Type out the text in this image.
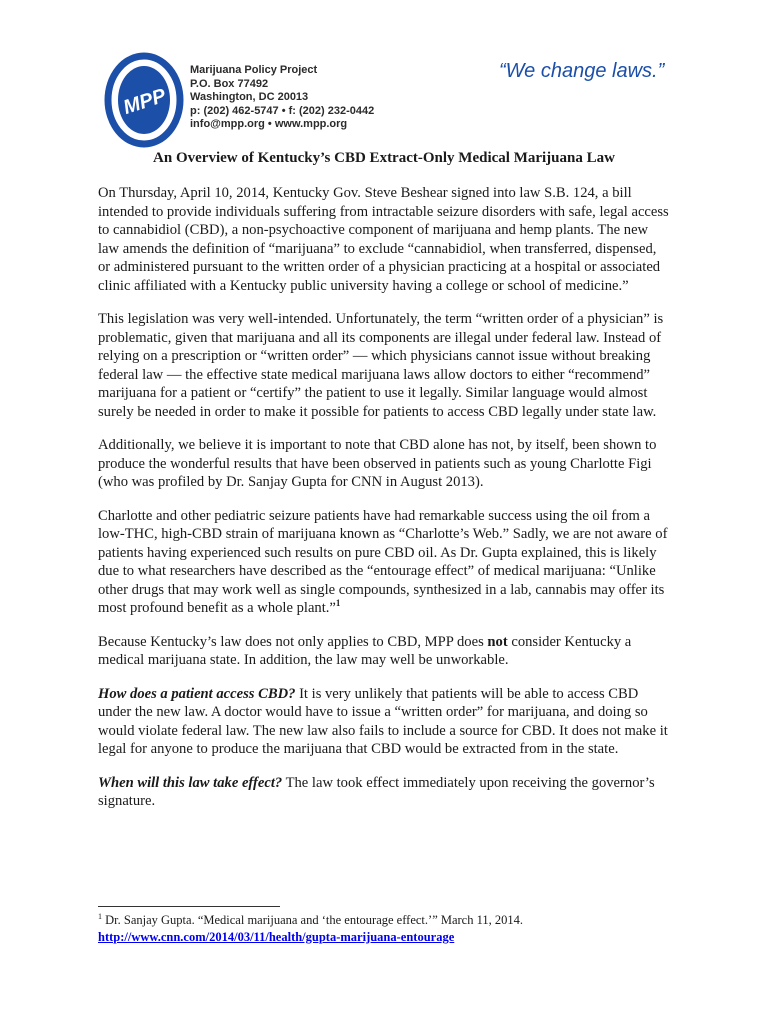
MPP
Marijuana Policy Project
P.O. Box 77492
Washington, DC 20013
p: (202) 462-5747 • f: (202) 232-0442
info@mpp.org • www.mpp.org
“We change laws.”
An Overview of Kentucky’s CBD Extract-Only Medical Marijuana Law

On Thursday, April 10, 2014, Kentucky Gov. Steve Beshear signed into law S.B. 124, a bill intended to provide individuals suffering from intractable seizure disorders with safe, legal access to cannabidiol (CBD), a non-psychoactive component of marijuana and hemp plants. The new law amends the definition of “marijuana” to exclude “cannabidiol, when transferred, dispensed, or administered pursuant to the written order of a physician practicing at a hospital or associated clinic affiliated with a Kentucky public university having a college or school of medicine.”

This legislation was very well-intended. Unfortunately, the term “written order of a physician” is problematic, given that marijuana and all its components are illegal under federal law. Instead of relying on a prescription or “written order” — which physicians cannot issue without breaking federal law — the effective state medical marijuana laws allow doctors to either “recommend” marijuana for a patient or “certify” the patient to use it legally. Similar language would almost surely be needed in order to make it possible for patients to access CBD legally under state law.

Additionally, we believe it is important to note that CBD alone has not, by itself, been shown to produce the wonderful results that have been observed in patients such as young Charlotte Figi (who was profiled by Dr. Sanjay Gupta for CNN in August 2013).

Charlotte and other pediatric seizure patients have had remarkable success using the oil from a low-THC, high-CBD strain of marijuana known as “Charlotte’s Web.” Sadly, we are not aware of patients having experienced such results on pure CBD oil. As Dr. Gupta explained, this is likely due to what researchers have described as the “entourage effect” of medical marijuana: “Unlike other drugs that may work well as single compounds, synthesized in a lab, cannabis may offer its most profound benefit as a whole plant.”$^1$

Because Kentucky’s law does not only applies to CBD, MPP does not consider Kentucky a medical marijuana state. In addition, the law may well be unworkable.

How does a patient access CBD? It is very unlikely that patients will be able to access CBD under the new law. A doctor would have to issue a “written order” for marijuana, and doing so would violate federal law. The new law also fails to include a source for CBD. It does not make it legal for anyone to produce the marijuana that CBD would be extracted from in the state.

When will this law take effect? The law took effect immediately upon receiving the governor’s signature.

$^1$ Dr. Sanjay Gupta. “Medical marijuana and ‘the entourage effect.’” March 11, 2014.
http://www.cnn.com/2014/03/11/health/gupta-marijuana-entourage
